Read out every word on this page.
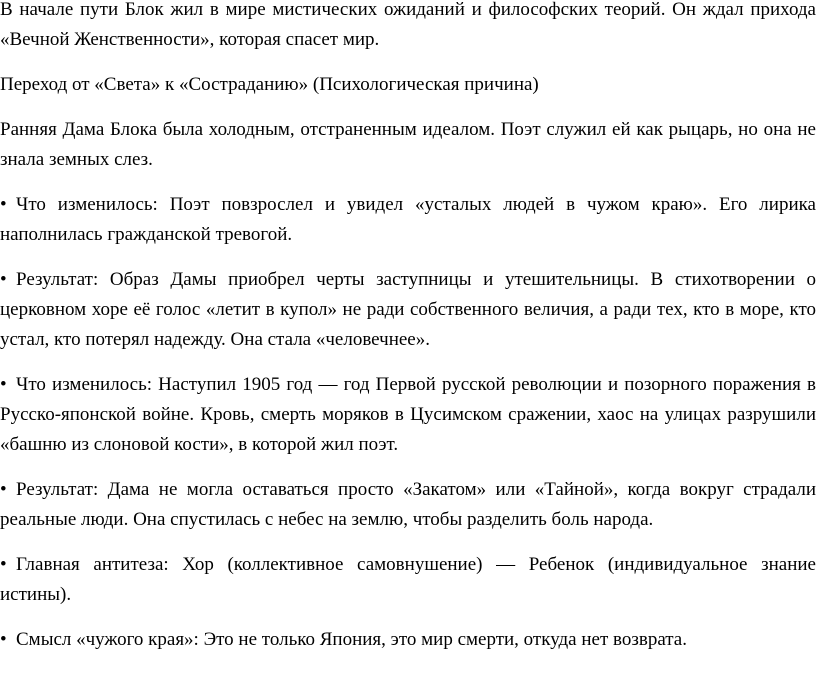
В начале пути Блок жил в мире мистических ожиданий и философских теорий. Он ждал прихода «Вечной Женственности», которая спасет мир.

Переход от «Света» к «Состраданию» (Психологическая причина)

Ранняя Дама Блока была холодным, отстраненным идеалом. Поэт служил ей как рыцарь, но она не знала земных слез.

• Что изменилось: Поэт повзрослел и увидел «усталых людей в чужом краю». Его лирика наполнилась гражданской тревогой.

• Результат: Образ Дамы приобрел черты заступницы и утешительницы. В стихотворении о церковном хоре её голос «летит в купол» не ради собственного величия, а ради тех, кто в море, кто устал, кто потерял надежду. Она стала «человечнее».

• Что изменилось: Наступил 1905 год — год Первой русской революции и позорного поражения в Русско-японской войне. Кровь, смерть моряков в Цусимском сражении, хаос на улицах разрушили «башню из слоновой кости», в которой жил поэт.

• Результат: Дама не могла оставаться просто «Закатом» или «Тайной», когда вокруг страдали реальные люди. Она спустилась с небес на землю, чтобы разделить боль народа.

• Главная антитеза: Хор (коллективное самовнушение) — Ребенок (индивидуальное знание истины).

• Смысл «чужого края»: Это не только Япония, это мир смерти, откуда нет возврата.
